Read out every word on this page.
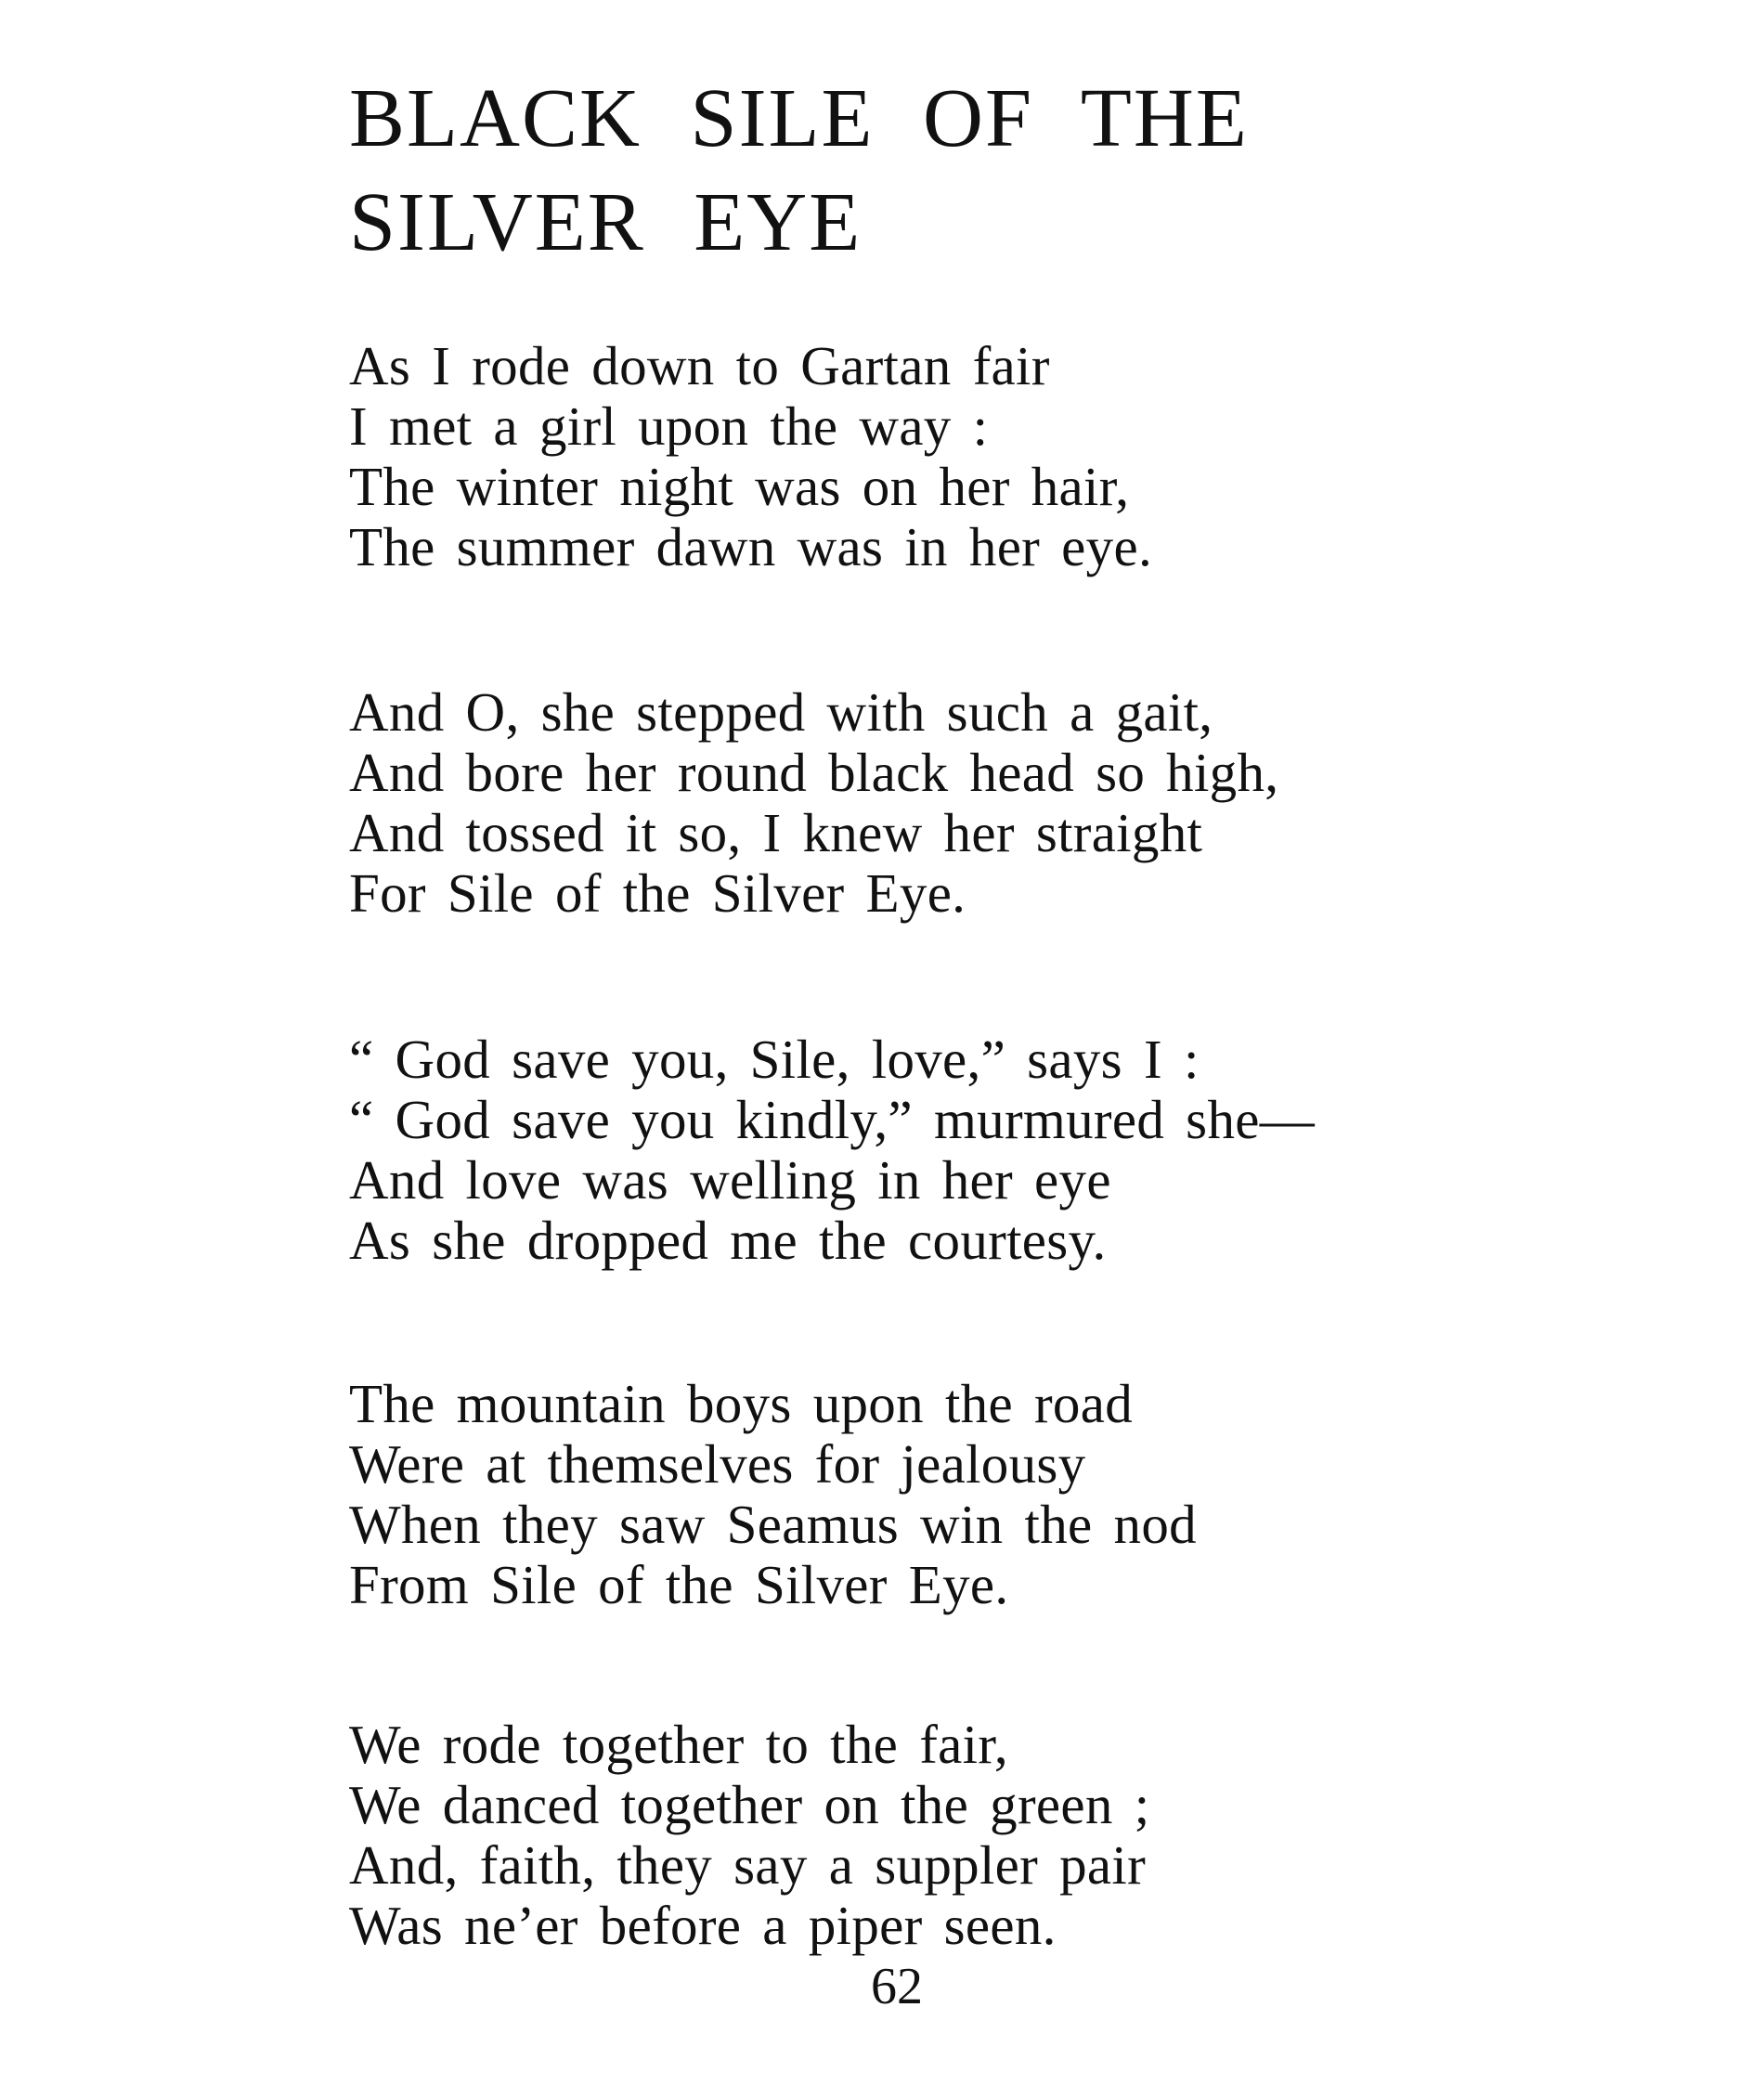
BLACK SILE OF THE
SILVER EYE
As I rode down to Gartan fair
I met a girl upon the way :
The winter night was on her hair,
The summer dawn was in her eye.
And O, she stepped with such a gait,
And bore her round black head so high,
And tossed it so, I knew her straight
For Sile of the Silver Eye.
“ God save you, Sile, love,” says I :
“ God save you kindly,” murmured she—
And love was welling in her eye
As she dropped me the courtesy.
The mountain boys upon the road
Were at themselves for jealousy
When they saw Seamus win the nod
From Sile of the Silver Eye.
We rode together to the fair,
We danced together on the green ;
And, faith, they say a suppler pair
Was ne’er before a piper seen.

62
